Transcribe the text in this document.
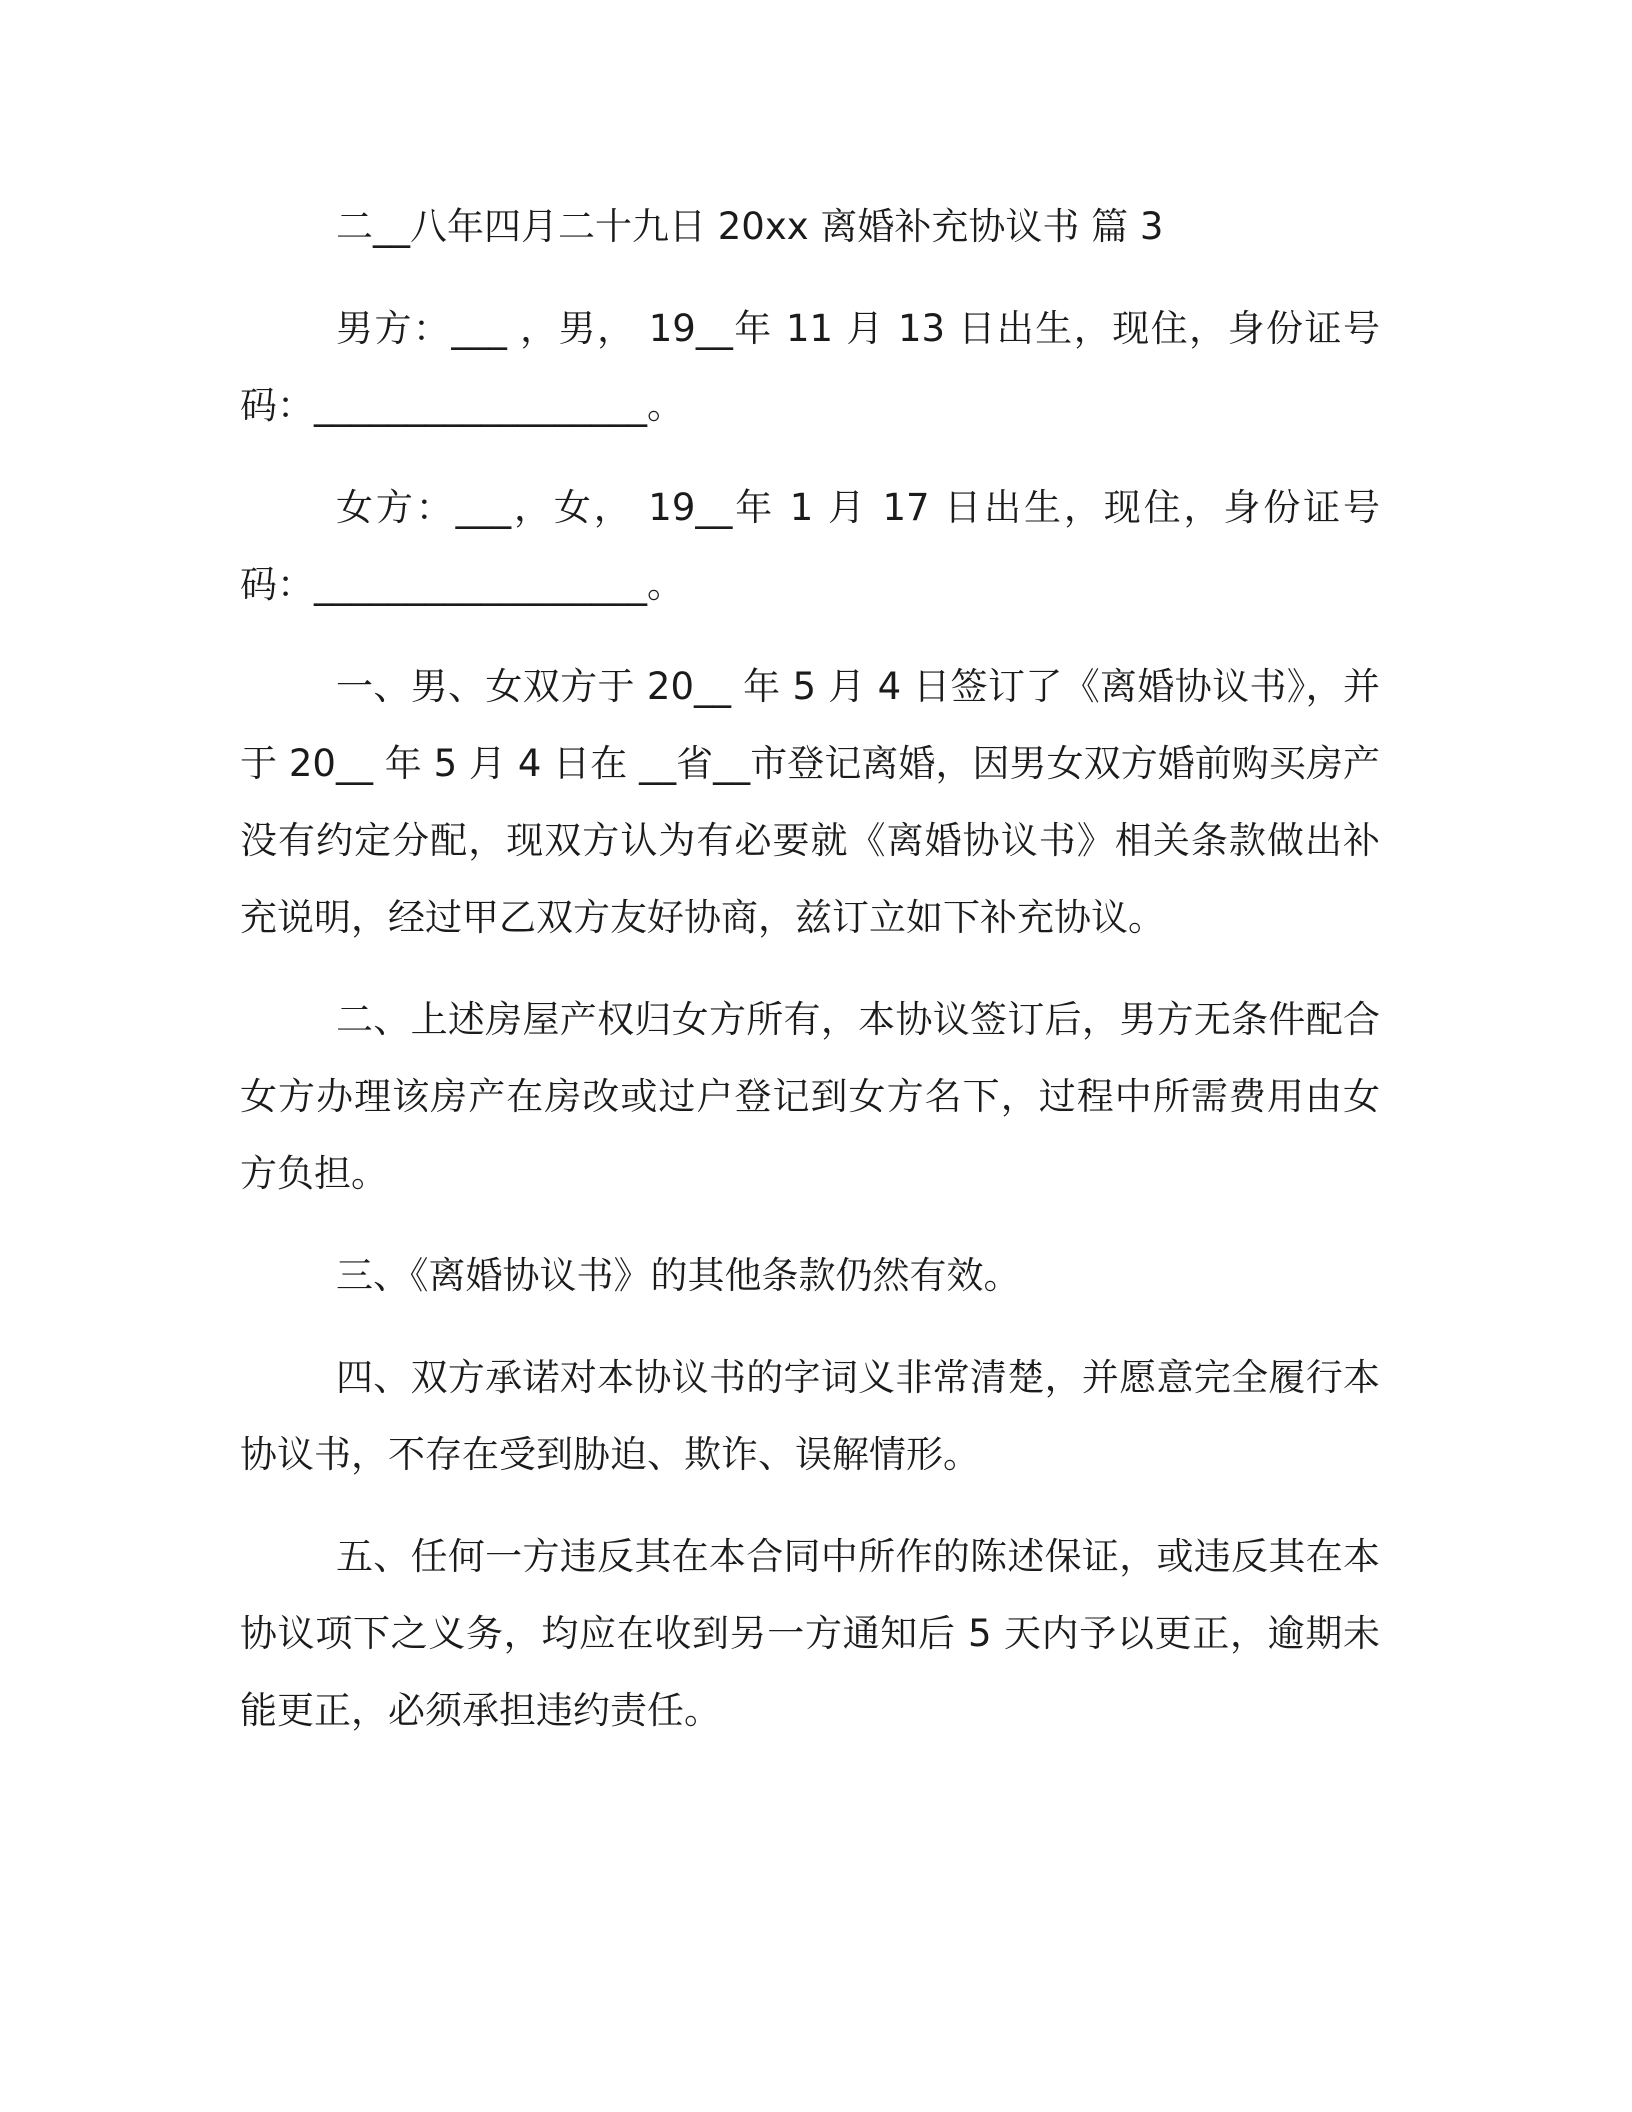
二__八年四月二十九日 20xx 离婚补充协议书 篇 3

男方：___ ，男， 19__年 11 月 13 日出生，现住，身份证号码：__________________。

女方：___，女， 19__年 1 月 17 日出生，现住，身份证号码：__________________。

一、男、女双方于 20__ 年 5 月 4 日签订了《离婚协议书》，并于 20__ 年 5 月 4 日在 __省__市登记离婚，因男女双方婚前购买房产没有约定分配，现双方认为有必要就《离婚协议书》相关条款做出补充说明，经过甲乙双方友好协商，兹订立如下补充协议。

二、上述房屋产权归女方所有，本协议签订后，男方无条件配合女方办理该房产在房改或过户登记到女方名下，过程中所需费用由女方负担。

三、《离婚协议书》的其他条款仍然有效。

四、双方承诺对本协议书的字词义非常清楚，并愿意完全履行本协议书，不存在受到胁迫、欺诈、误解情形。

五、任何一方违反其在本合同中所作的陈述保证，或违反其在本协议项下之义务，均应在收到另一方通知后 5 天内予以更正，逾期未能更正，必须承担违约责任。
